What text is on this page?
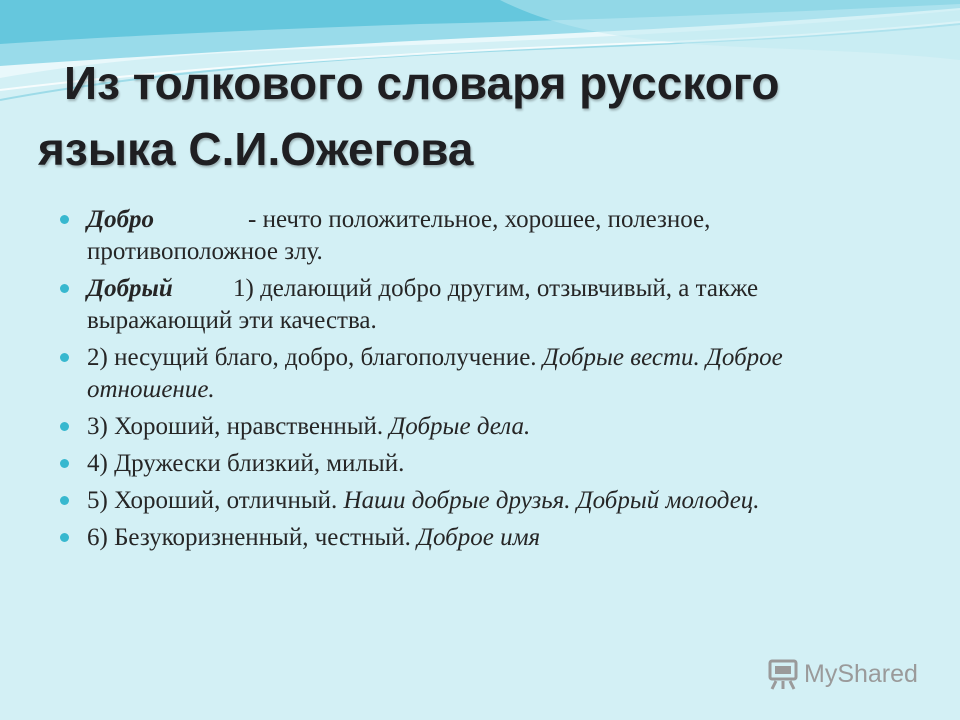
Из толкового словаря русского
языка С.И.Ожегова
Добро	- нечто положительное, хорошее, полезное, противоположное злу.
Добрый 1) делающий добро другим, отзывчивый, а также выражающий эти качества.
2) несущий благо, добро, благополучение. Добрые вести. Доброе отношение.
3) Хороший, нравственный. Добрые дела.
4) Дружески близкий, милый.
5) Хороший, отличный. Наши добрые друзья. Добрый молодец.
6) Безукоризненный, честный. Доброе имя
MyShared
